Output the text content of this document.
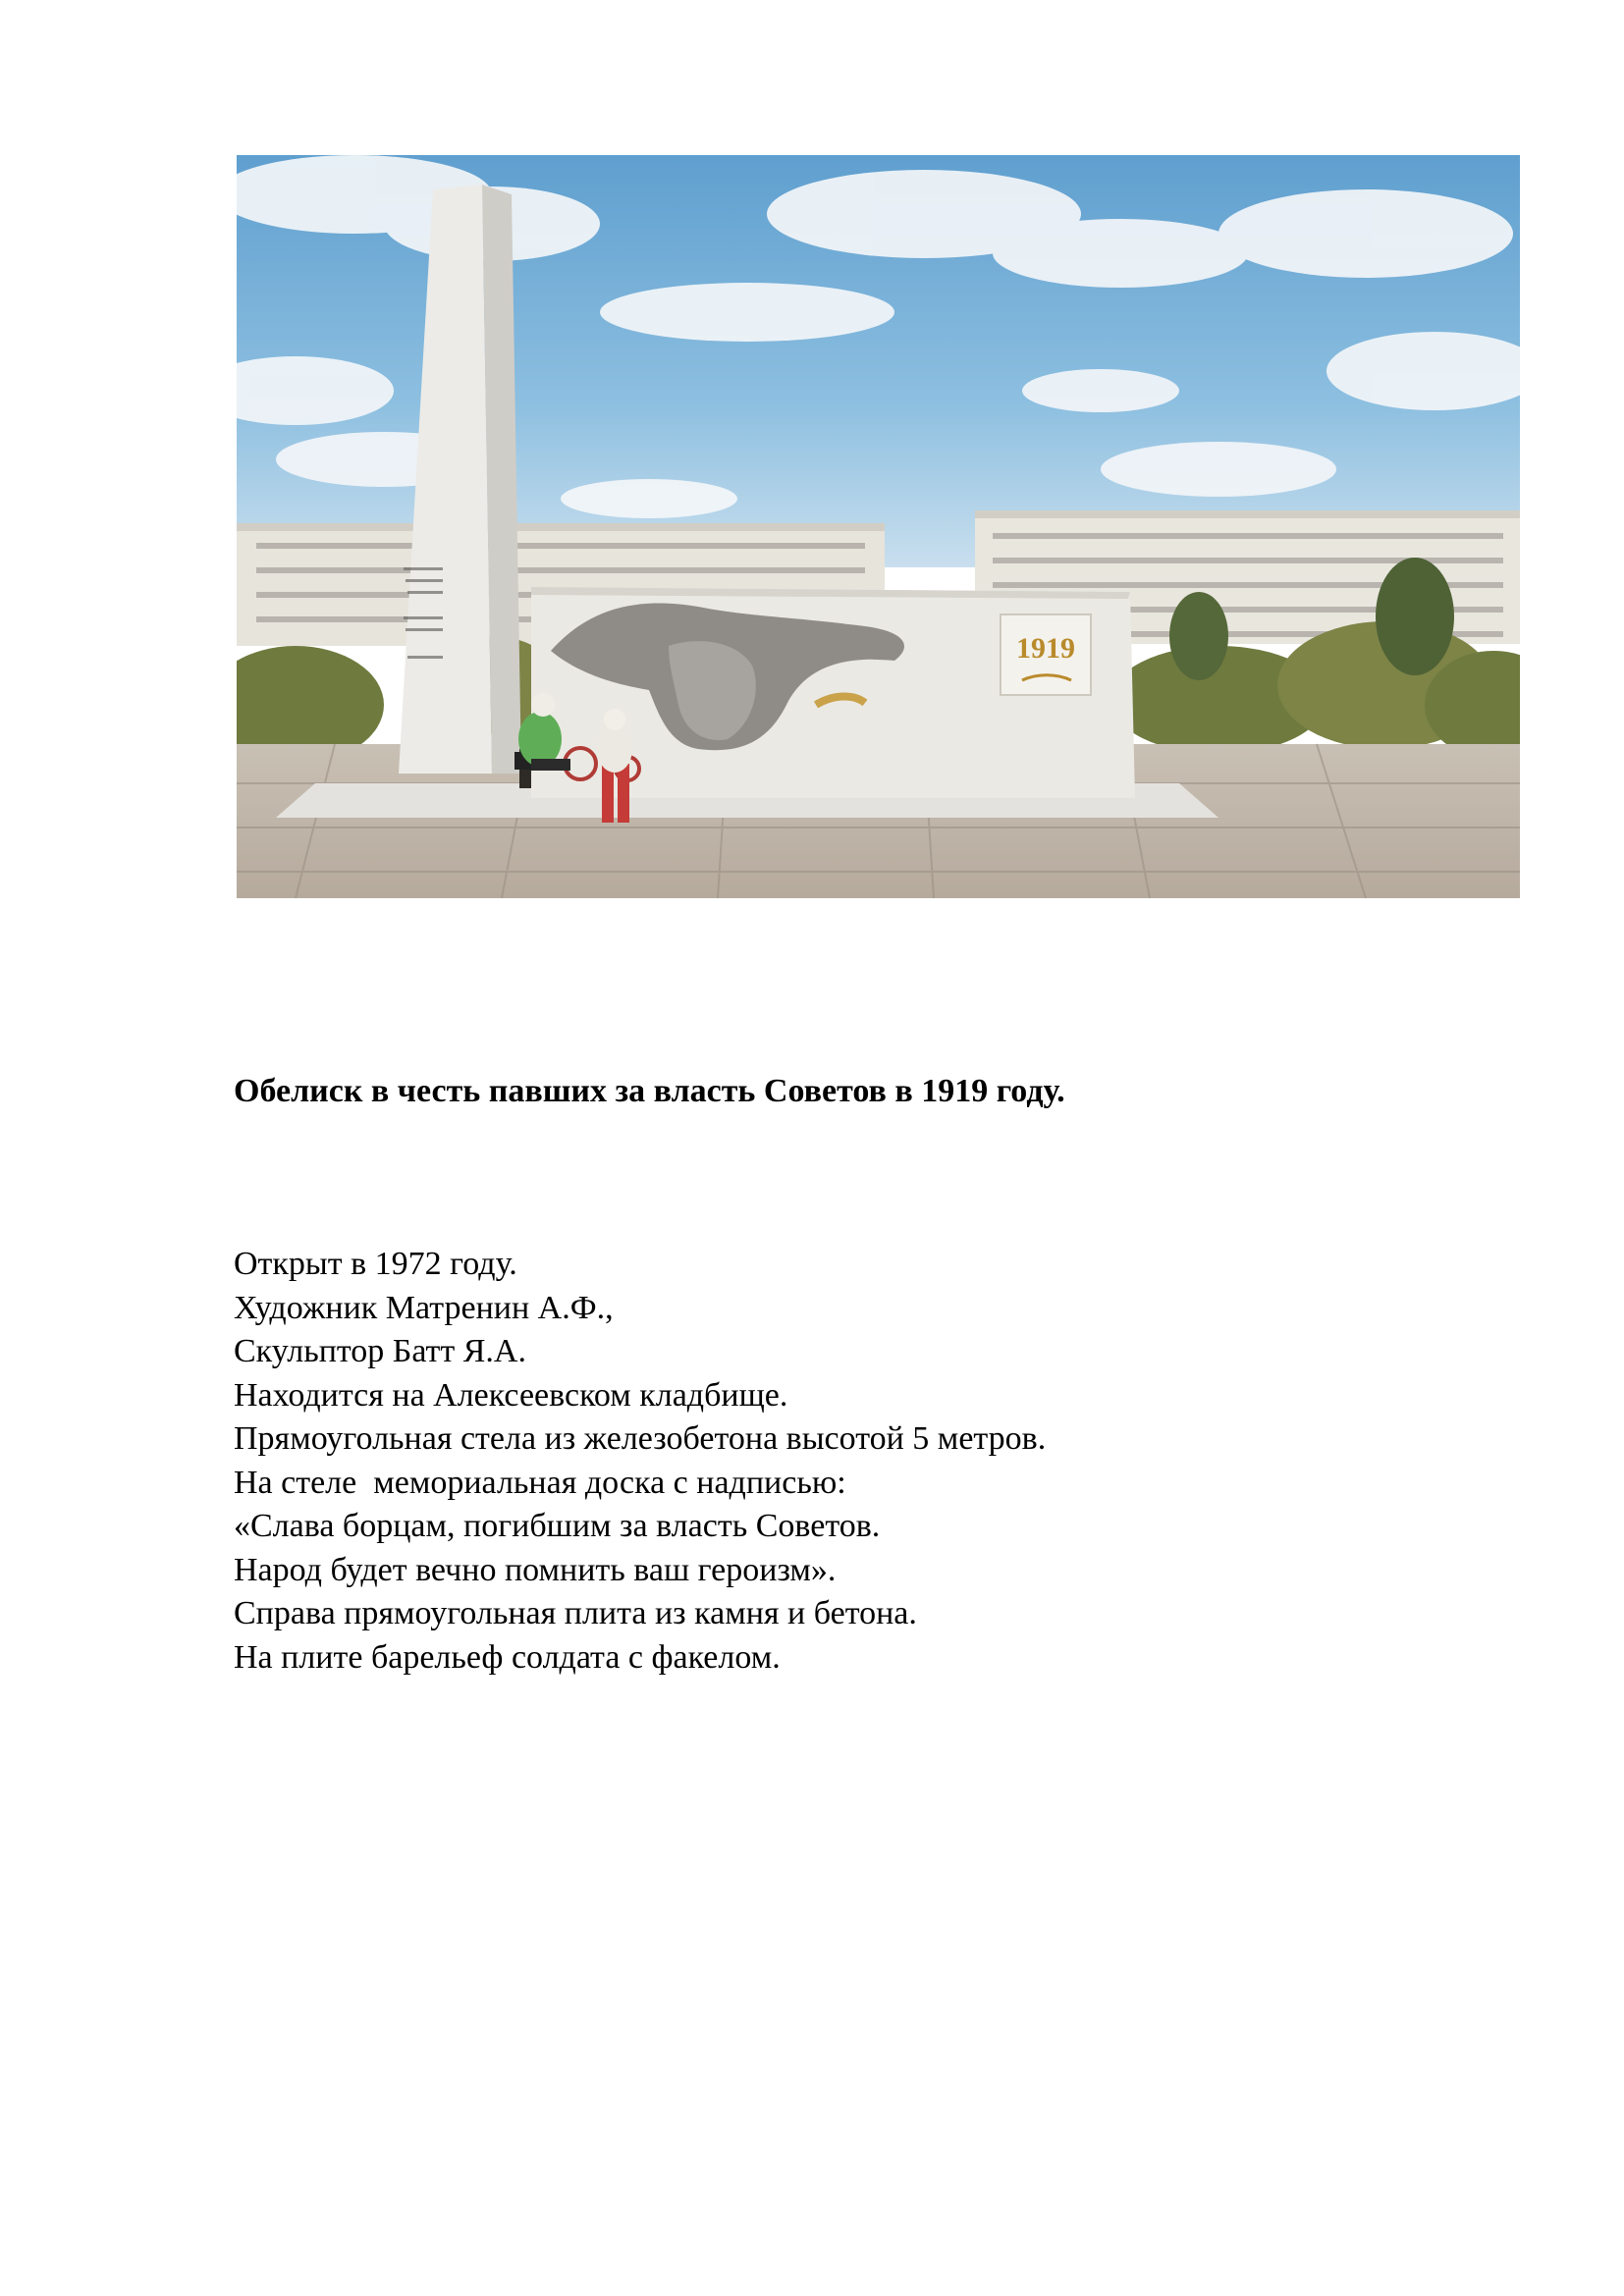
1919
Обелиск в честь павших за власть Советов в 1919 году.
Открыт в 1972 году.
Художник Матренин А.Ф.,
Скульптор Батт Я.А.
Находится на Алексеевском кладбище.
Прямоугольная стела из железобетона высотой 5 метров.
На стеле  мемориальная доска с надписью:
«Слава борцам, погибшим за власть Советов.
Народ будет вечно помнить ваш героизм».
Справа прямоугольная плита из камня и бетона.
На плите барельеф солдата с факелом.
